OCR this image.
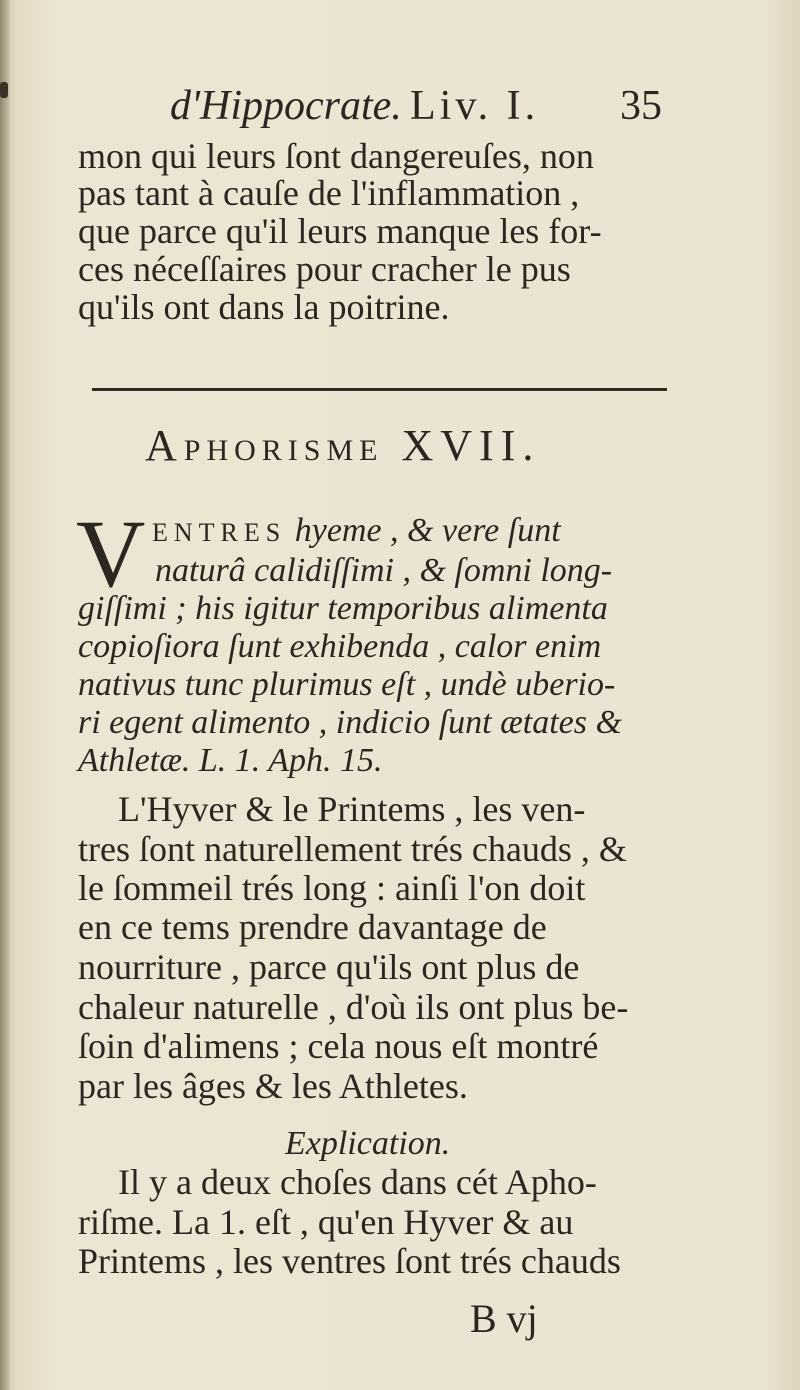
d'Hippocrate. Liv. I. 35
mon qui leurs ſont dangereuſes, non
pas tant à cauſe de l'inflammation ,
que parce qu'il leurs manque les for-
ces néceſſaires pour cracher le pus
qu'ils ont dans la poitrine.
APHORISME XVII.
V ENTRES hyeme , & vere ſunt
naturâ calidiſſimi , & ſomni long-
giſſimi ; his igitur temporibus alimenta
copioſiora ſunt exhibenda , calor enim
nativus tunc plurimus eſt , undè uberio-
ri egent alimento , indicio ſunt ætates &
Athletæ. L. 1. Aph. 15.
L'Hyver & le Printems , les ven-
tres ſont naturellement trés chauds , &
le ſommeil trés long : ainſi l'on doit
en ce tems prendre davantage de
nourriture , parce qu'ils ont plus de
chaleur naturelle , d'où ils ont plus be-
ſoin d'alimens ; cela nous eſt montré
par les âges & les Athletes.
Explication.
Il y a deux choſes dans cét Apho-
riſme. La 1. eſt , qu'en Hyver & au
Printems , les ventres ſont trés chauds
B vj
